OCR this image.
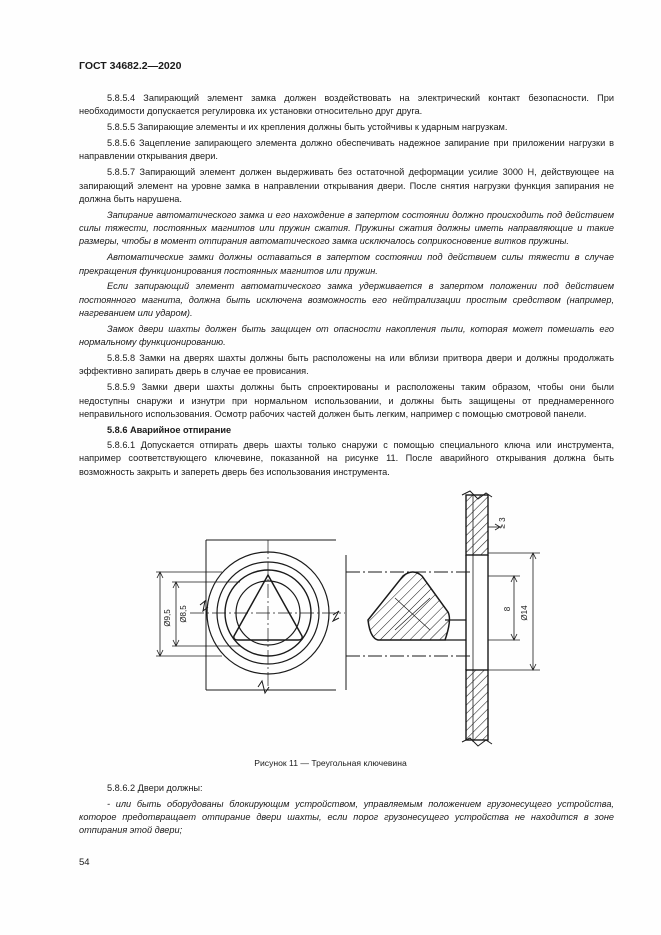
ГОСТ 34682.2—2020

5.8.5.4 Запирающий элемент замка должен воздействовать на электрический контакт безопасности. При необходимости допускается регулировка их установки относительно друг друга.

5.8.5.5 Запирающие элементы и их крепления должны быть устойчивы к ударным нагрузкам.

5.8.5.6 Зацепление запирающего элемента должно обеспечивать надежное запирание при приложении нагрузки в направлении открывания двери.

5.8.5.7 Запирающий элемент должен выдерживать без остаточной деформации усилие 3000 Н, действующее на запирающий элемент на уровне замка в направлении открывания двери. После снятия нагрузки функция запирания не должна быть нарушена.

Запирание автоматического замка и его нахождение в запертом состоянии должно происходить под действием силы тяжести, постоянных магнитов или пружин сжатия. Пружины сжатия должны иметь направляющие и такие размеры, чтобы в момент отпирания автоматического замка исключалось соприкосновение витков пружины.

Автоматические замки должны оставаться в запертом состоянии под действием силы тяжести в случае прекращения функционирования постоянных магнитов или пружин.

Если запирающий элемент автоматического замка удерживается в запертом положении под действием постоянного магнита, должна быть исключена возможность его нейтрализации простым средством (например, нагреванием или ударом).

Замок двери шахты должен быть защищен от опасности накопления пыли, которая может помешать его нормальному функционированию.

5.8.5.8 Замки на дверях шахты должны быть расположены на или вблизи притвора двери и должны продолжать эффективно запирать дверь в случае ее провисания.

5.8.5.9 Замки двери шахты должны быть спроектированы и расположены таким образом, чтобы они были недоступны снаружи и изнутри при нормальном использовании, и должны быть защищены от преднамеренного неправильного использования. Осмотр рабочих частей должен быть легким, например с помощью смотровой панели.

5.8.6 Аварийное отпирание

5.8.6.1 Допускается отпирать дверь шахты только снаружи с помощью специального ключа или инструмента, например соответствующего ключевине, показанной на рисунке 11. После аварийного открывания должна быть возможность закрыть и запереть дверь без использования инструмента.

Ø9,5 Ø8,5
≥ 3
Ø14
8
Рисунок 11 — Треугольная ключевина

5.8.6.2 Двери должны:

- или быть оборудованы блокирующим устройством, управляемым положением грузонесущего устройства, которое предотвращает отпирание двери шахты, если порог грузонесущего устройства не находится в зоне отпирания этой двери;

54
